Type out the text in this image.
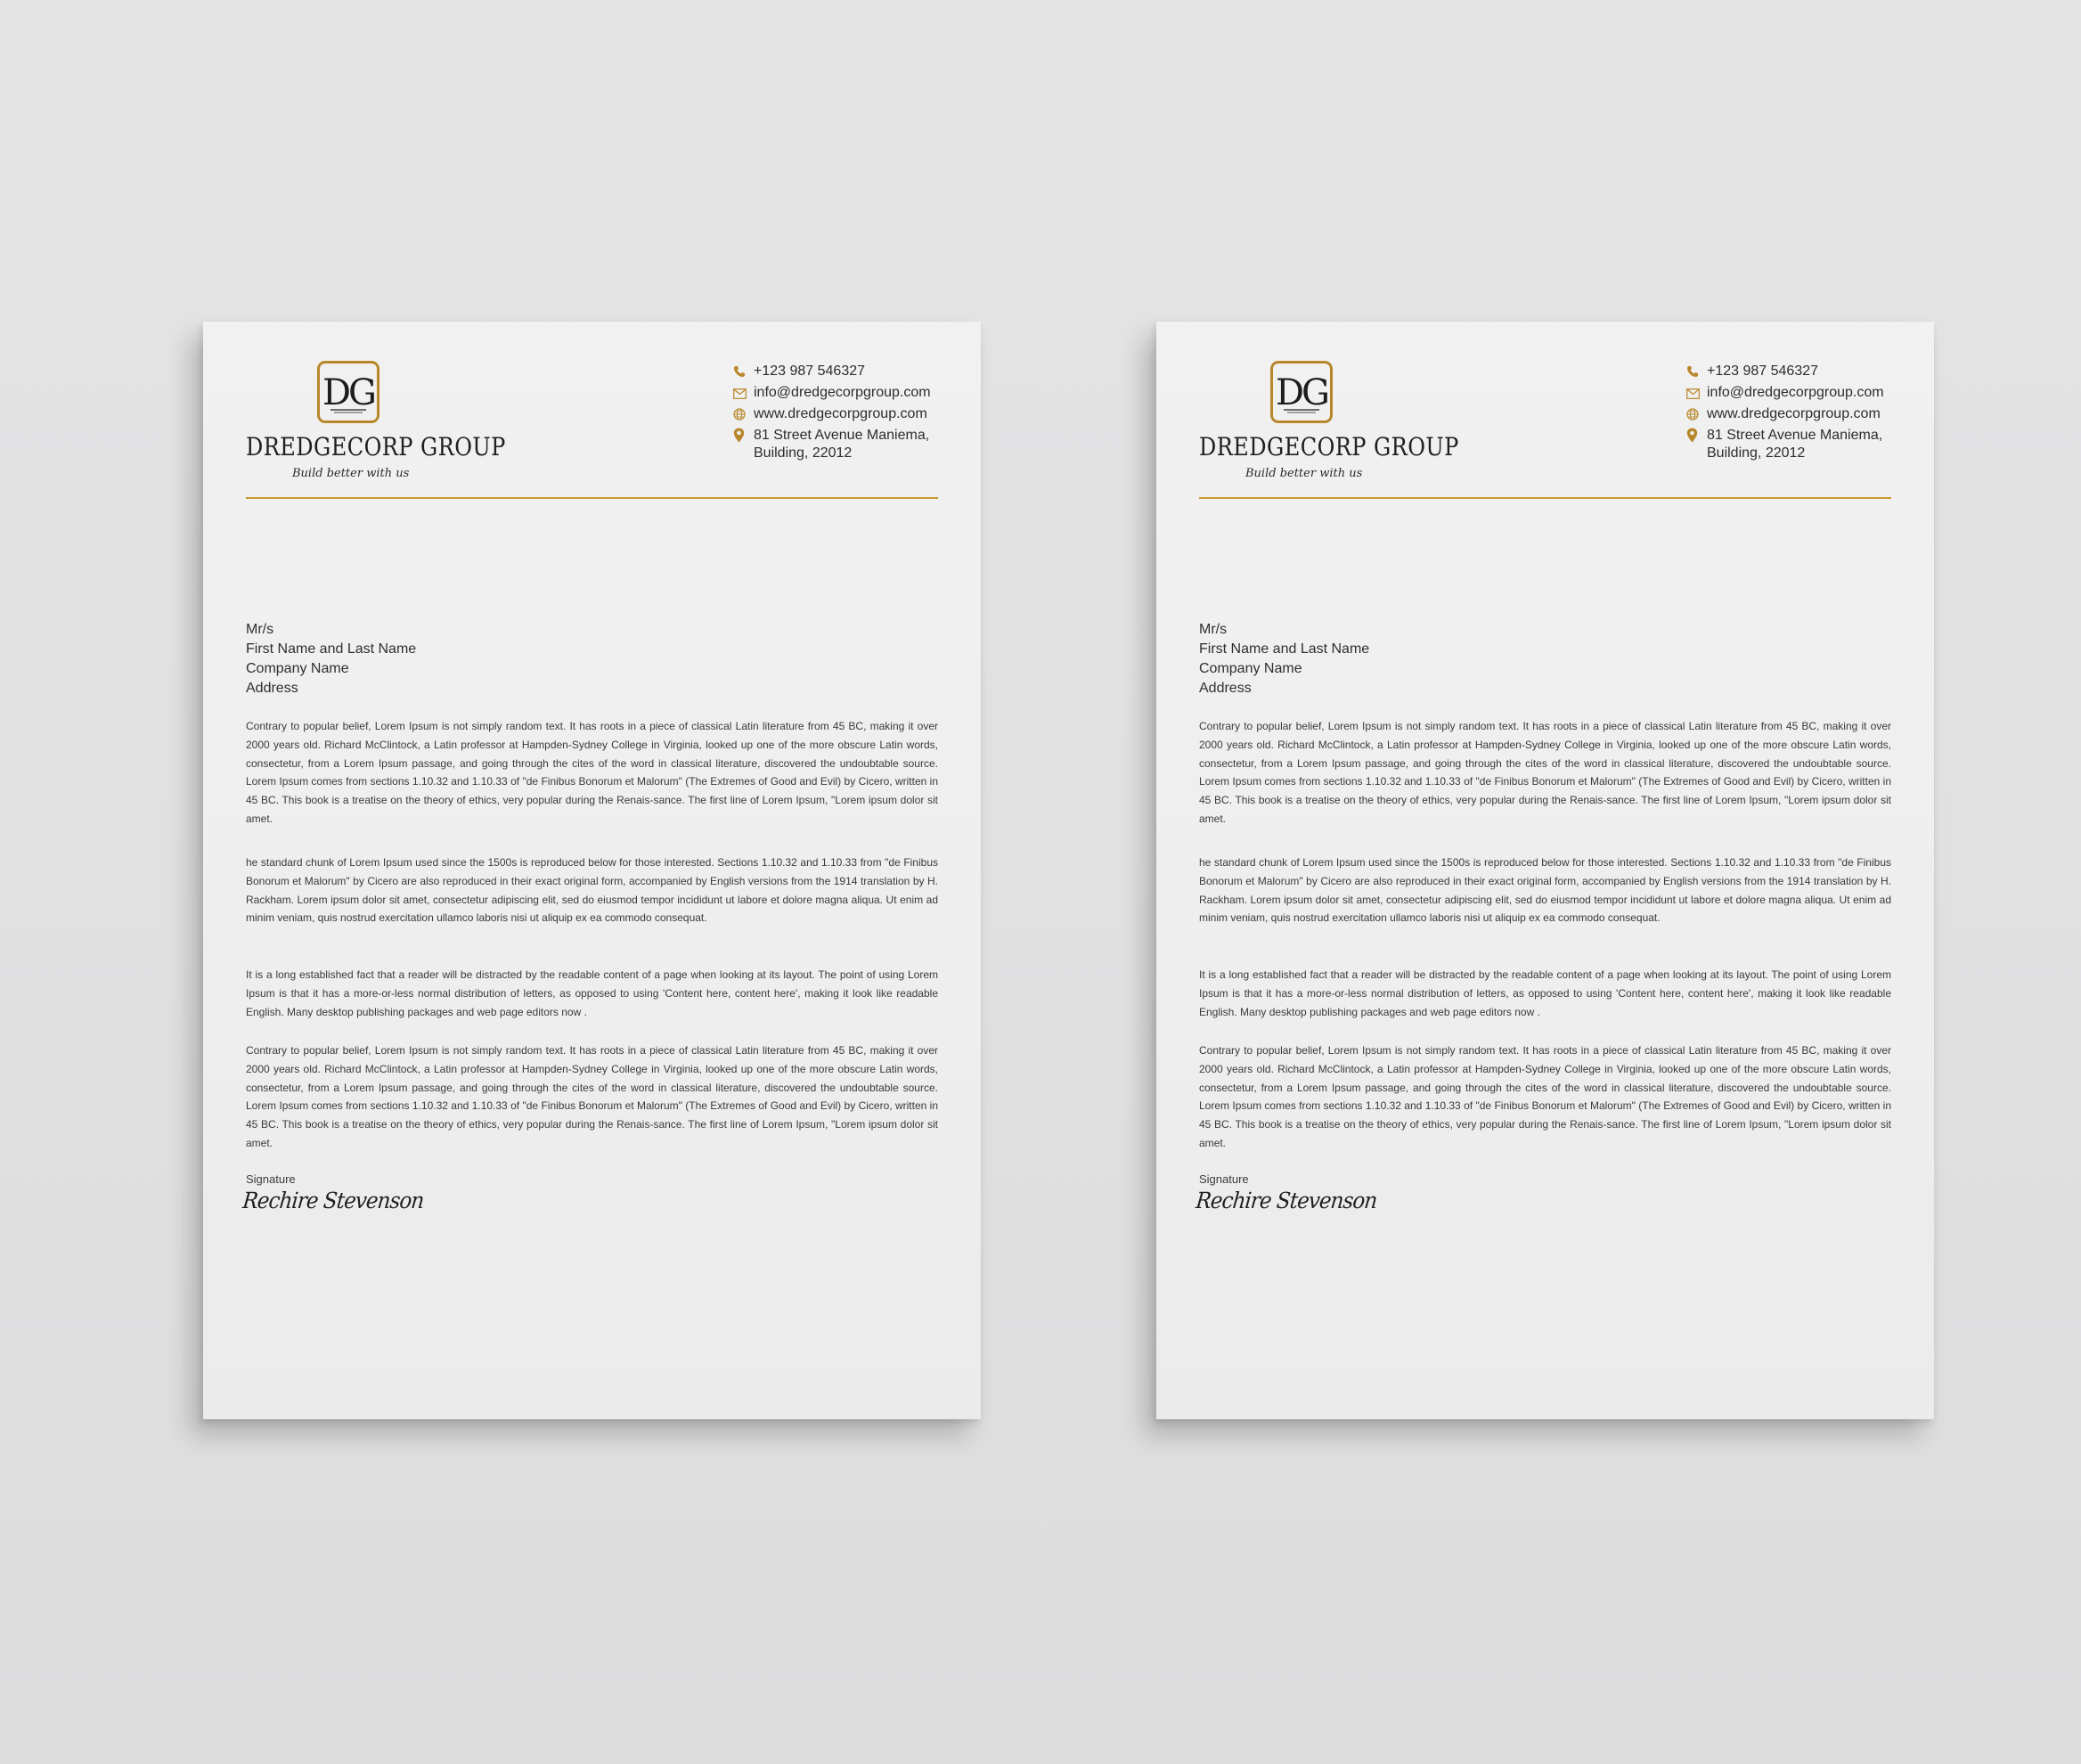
DG
DREDGECORP GROUP
Build better with us
+123 987 546327
info@dredgecorpgroup.com
www.dredgecorpgroup.com
81 Street Avenue Maniema, Building, 22012
Mr/s
First Name and Last Name
Company Name
Address

Contrary to popular belief, Lorem Ipsum is not simply random text. It has roots in a piece of classical Latin literature from 45 BC, making it over 2000 years old. Richard McClintock, a Latin professor at Hampden-Sydney College in Virginia, looked up one of the more obscure Latin words, consectetur, from a Lorem Ipsum passage, and going through the cites of the word in classical literature, discovered the undoubtable source. Lorem Ipsum comes from sections 1.10.32 and 1.10.33 of "de Finibus Bonorum et Malorum" (The Extremes of Good and Evil) by Cicero, written in 45 BC. This book is a treatise on the theory of ethics, very popular during the Renais-sance. The first line of Lorem Ipsum, "Lorem ipsum dolor sit amet.

he standard chunk of Lorem Ipsum used since the 1500s is reproduced below for those interested. Sections 1.10.32 and 1.10.33 from "de Finibus Bonorum et Malorum" by Cicero are also reproduced in their exact original form, accompanied by English versions from the 1914 translation by H. Rackham. Lorem ipsum dolor sit amet, consectetur adipiscing elit, sed do eiusmod tempor incididunt ut labore et dolore magna aliqua. Ut enim ad minim veniam, quis nostrud exercitation ullamco laboris nisi ut aliquip ex ea commodo consequat.

It is a long established fact that a reader will be distracted by the readable content of a page when looking at its layout. The point of using Lorem Ipsum is that it has a more-or-less normal distribution of letters, as opposed to using 'Content here, content here', making it look like readable English. Many desktop publishing packages and web page editors now .

Contrary to popular belief, Lorem Ipsum is not simply random text. It has roots in a piece of classical Latin literature from 45 BC, making it over 2000 years old. Richard McClintock, a Latin professor at Hampden-Sydney College in Virginia, looked up one of the more obscure Latin words, consectetur, from a Lorem Ipsum passage, and going through the cites of the word in classical literature, discovered the undoubtable source. Lorem Ipsum comes from sections 1.10.32 and 1.10.33 of "de Finibus Bonorum et Malorum" (The Extremes of Good and Evil) by Cicero, written in 45 BC. This book is a treatise on the theory of ethics, very popular during the Renais-sance. The first line of Lorem Ipsum, "Lorem ipsum dolor sit amet.

Signature
Rechire Stevenson
DG
DREDGECORP GROUP
Build better with us
+123 987 546327
info@dredgecorpgroup.com
www.dredgecorpgroup.com
81 Street Avenue Maniema, Building, 22012
Mr/s
First Name and Last Name
Company Name
Address

Contrary to popular belief, Lorem Ipsum is not simply random text. It has roots in a piece of classical Latin literature from 45 BC, making it over 2000 years old. Richard McClintock, a Latin professor at Hampden-Sydney College in Virginia, looked up one of the more obscure Latin words, consectetur, from a Lorem Ipsum passage, and going through the cites of the word in classical literature, discovered the undoubtable source. Lorem Ipsum comes from sections 1.10.32 and 1.10.33 of "de Finibus Bonorum et Malorum" (The Extremes of Good and Evil) by Cicero, written in 45 BC. This book is a treatise on the theory of ethics, very popular during the Renais-sance. The first line of Lorem Ipsum, "Lorem ipsum dolor sit amet.

he standard chunk of Lorem Ipsum used since the 1500s is reproduced below for those interested. Sections 1.10.32 and 1.10.33 from "de Finibus Bonorum et Malorum" by Cicero are also reproduced in their exact original form, accompanied by English versions from the 1914 translation by H. Rackham. Lorem ipsum dolor sit amet, consectetur adipiscing elit, sed do eiusmod tempor incididunt ut labore et dolore magna aliqua. Ut enim ad minim veniam, quis nostrud exercitation ullamco laboris nisi ut aliquip ex ea commodo consequat.

It is a long established fact that a reader will be distracted by the readable content of a page when looking at its layout. The point of using Lorem Ipsum is that it has a more-or-less normal distribution of letters, as opposed to using 'Content here, content here', making it look like readable English. Many desktop publishing packages and web page editors now .

Contrary to popular belief, Lorem Ipsum is not simply random text. It has roots in a piece of classical Latin literature from 45 BC, making it over 2000 years old. Richard McClintock, a Latin professor at Hampden-Sydney College in Virginia, looked up one of the more obscure Latin words, consectetur, from a Lorem Ipsum passage, and going through the cites of the word in classical literature, discovered the undoubtable source. Lorem Ipsum comes from sections 1.10.32 and 1.10.33 of "de Finibus Bonorum et Malorum" (The Extremes of Good and Evil) by Cicero, written in 45 BC. This book is a treatise on the theory of ethics, very popular during the Renais-sance. The first line of Lorem Ipsum, "Lorem ipsum dolor sit amet.

Signature
Rechire Stevenson
